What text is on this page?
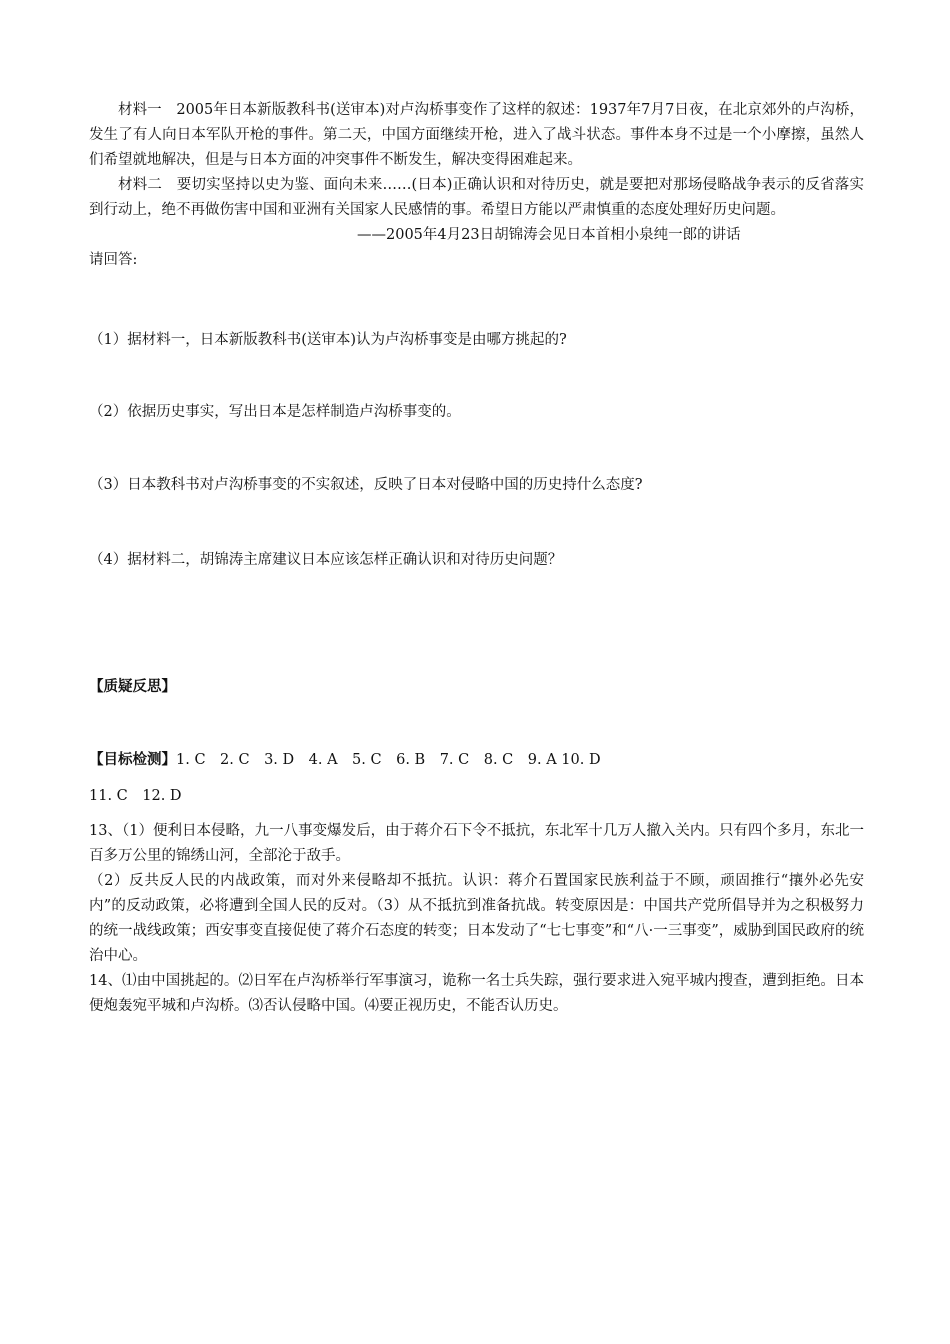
材料一　2005年日本新版教科书(送审本)对卢沟桥事变作了这样的叙述：1937年7月7日夜，在北京郊外的卢沟桥，发生了有人向日本军队开枪的事件。第二天，中国方面继续开枪，进入了战斗状态。事件本身不过是一个小摩擦，虽然人们希望就地解决，但是与日本方面的冲突事件不断发生，解决变得困难起来。

材料二　要切实坚持以史为鉴、面向未来……(日本)正确认识和对待历史，就是要把对那场侵略战争表示的反省落实到行动上，绝不再做伤害中国和亚洲有关国家人民感情的事。希望日方能以严肃慎重的态度处理好历史问题。

——2005年4月23日胡锦涛会见日本首相小泉纯一郎的讲话

请回答:

（1）据材料一，日本新版教科书(送审本)认为卢沟桥事变是由哪方挑起的?

（2）依据历史事实，写出日本是怎样制造卢沟桥事变的。

（3）日本教科书对卢沟桥事变的不实叙述，反映了日本对侵略中国的历史持什么态度?

（4）据材料二，胡锦涛主席建议日本应该怎样正确认识和对待历史问题？

【质疑反思】

【目标检测】1. C　2. C　3. D　4. A　5. C　6. B　7. C　8. C　9. A 10. D

11. C　12. D

13、（1）便利日本侵略，九一八事变爆发后，由于蒋介石下令不抵抗，东北军十几万人撤入关内。只有四个多月，东北一百多万公里的锦绣山河，全部沦于敌手。

（2）反共反人民的内战政策，而对外来侵略却不抵抗。认识：蒋介石置国家民族利益于不顾，顽固推行“攘外必先安内”的反动政策，必将遭到全国人民的反对。（3）从不抵抗到准备抗战。转变原因是：中国共产党所倡导并为之积极努力的统一战线政策；西安事变直接促使了蒋介石态度的转变；日本发动了“七七事变”和“八·一三事变”，威胁到国民政府的统治中心。

14、⑴由中国挑起的。⑵日军在卢沟桥举行军事演习，诡称一名士兵失踪，强行要求进入宛平城内搜查，遭到拒绝。日本便炮轰宛平城和卢沟桥。⑶否认侵略中国。⑷要正视历史，不能否认历史。
